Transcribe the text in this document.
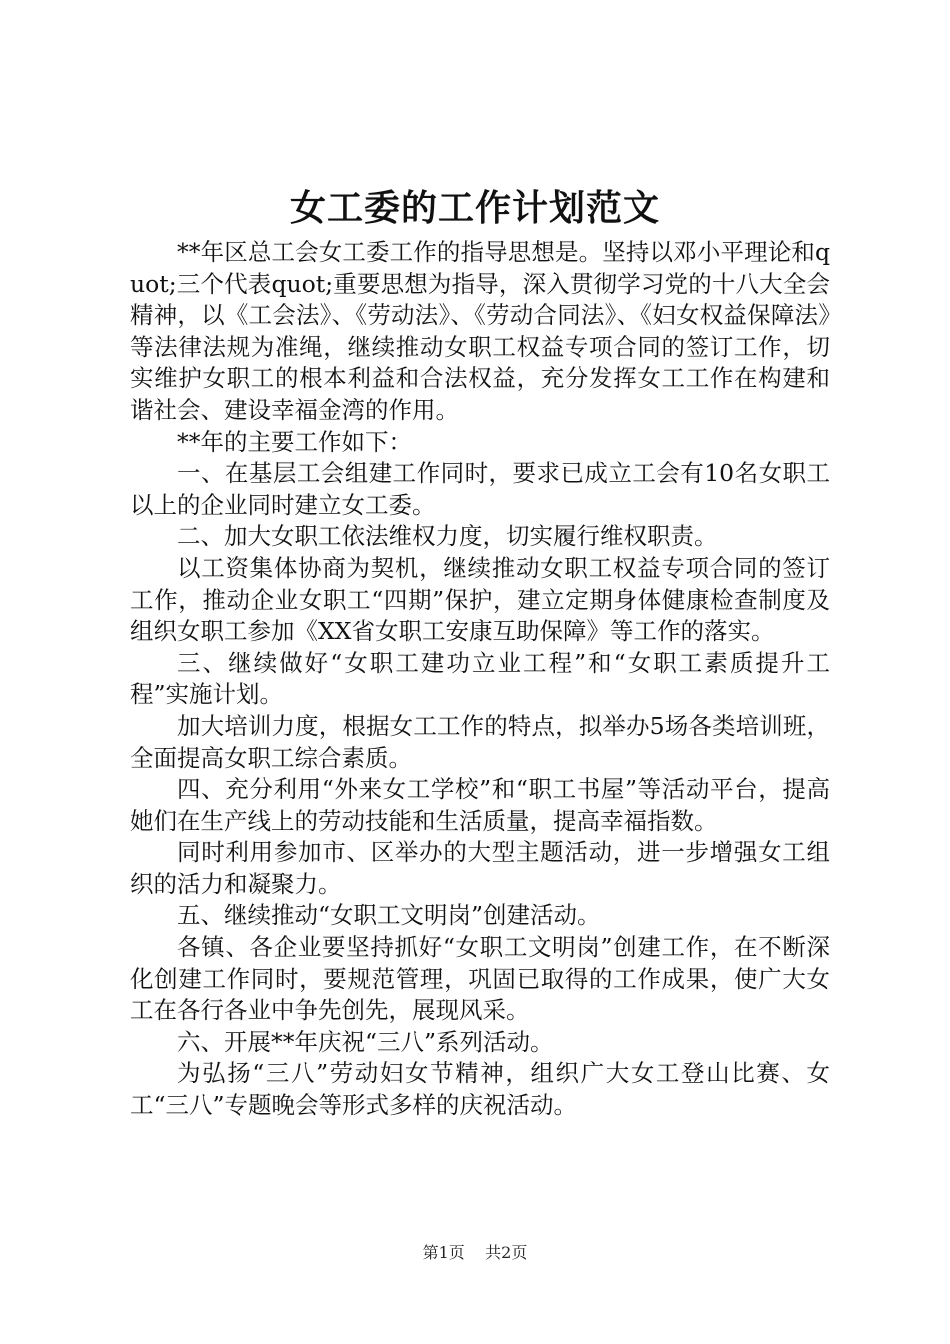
女工委的工作计划范文

**年区总工会女工委工作的指导思想是。坚持以邓小平理论和quot;三个代表quot;重要思想为指导，深入贯彻学习党的十八大全会精神，以《工会法》、《劳动法》、《劳动合同法》、《妇女权益保障法》等法律法规为准绳，继续推动女职工权益专项合同的签订工作，切实维护女职工的根本利益和合法权益，充分发挥女工工作在构建和谐社会、建设幸福金湾的作用。

**年的主要工作如下：

一、在基层工会组建工作同时，要求已成立工会有10名女职工以上的企业同时建立女工委。

二、加大女职工依法维权力度，切实履行维权职责。

以工资集体协商为契机，继续推动女职工权益专项合同的签订工作，推动企业女职工“四期”保护，建立定期身体健康检查制度及组织女职工参加《XX省女职工安康互助保障》等工作的落实。

三、继续做好“女职工建功立业工程”和“女职工素质提升工程”实施计划。

加大培训力度，根据女工工作的特点，拟举办5场各类培训班，全面提高女职工综合素质。

四、充分利用“外来女工学校”和“职工书屋”等活动平台，提高她们在生产线上的劳动技能和生活质量，提高幸福指数。

同时利用参加市、区举办的大型主题活动，进一步增强女工组织的活力和凝聚力。

五、继续推动“女职工文明岗”创建活动。

各镇、各企业要坚持抓好“女职工文明岗”创建工作，在不断深化创建工作同时，要规范管理，巩固已取得的工作成果，使广大女工在各行各业中争先创先，展现风采。

六、开展**年庆祝“三八”系列活动。

为弘扬“三八”劳动妇女节精神，组织广大女工登山比赛、女工“三八”专题晚会等形式多样的庆祝活动。

第1页 共2页
